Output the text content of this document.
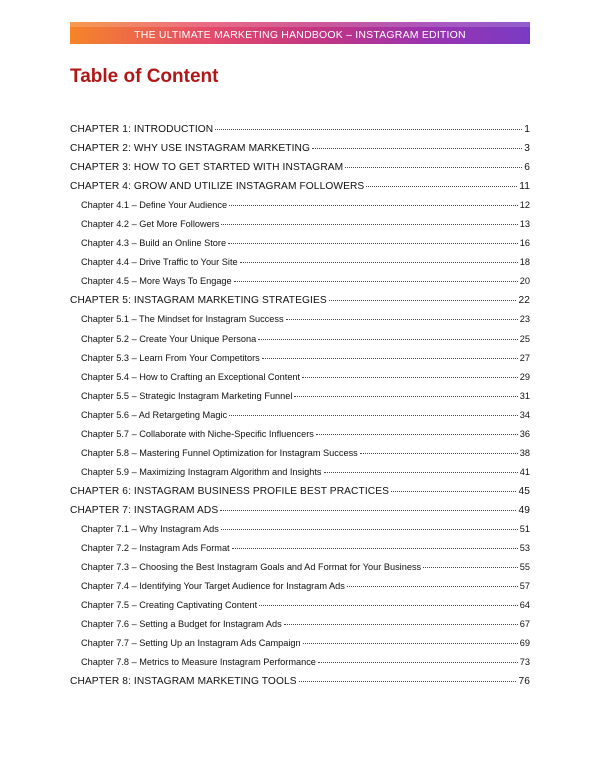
THE ULTIMATE MARKETING HANDBOOK – INSTAGRAM EDITION
Table of Content
CHAPTER 1: INTRODUCTION	1
CHAPTER 2: WHY USE INSTAGRAM MARKETING	3
CHAPTER 3: HOW TO GET STARTED WITH INSTAGRAM	6
CHAPTER 4: GROW AND UTILIZE INSTAGRAM FOLLOWERS	11
Chapter 4.1 – Define Your Audience	12
Chapter 4.2 – Get More Followers	13
Chapter 4.3 – Build an Online Store	16
Chapter 4.4 – Drive Traffic to Your Site	18
Chapter 4.5 – More Ways To Engage	20
CHAPTER 5: INSTAGRAM MARKETING STRATEGIES	22
Chapter 5.1 – The Mindset for Instagram Success	23
Chapter 5.2 – Create Your Unique Persona	25
Chapter 5.3 – Learn From Your Competitors	27
Chapter 5.4 – How to Crafting an Exceptional Content	29
Chapter 5.5 – Strategic Instagram Marketing Funnel	31
Chapter 5.6 – Ad Retargeting Magic	34
Chapter 5.7 – Collaborate with Niche-Specific Influencers	36
Chapter 5.8 – Mastering Funnel Optimization for Instagram Success	38
Chapter 5.9 – Maximizing Instagram Algorithm and Insights	41
CHAPTER 6: INSTAGRAM BUSINESS PROFILE BEST PRACTICES	45
CHAPTER 7: INSTAGRAM ADS	49
Chapter 7.1 – Why Instagram Ads	51
Chapter 7.2 – Instagram Ads Format	53
Chapter 7.3 – Choosing the Best Instagram Goals and Ad Format for Your Business	55
Chapter 7.4 – Identifying Your Target Audience for Instagram Ads	57
Chapter 7.5 – Creating Captivating Content	64
Chapter 7.6 – Setting a Budget for Instagram Ads	67
Chapter 7.7 – Setting Up an Instagram Ads Campaign	69
Chapter 7.8 – Metrics to Measure Instagram Performance	73
CHAPTER 8: INSTAGRAM MARKETING TOOLS	76
